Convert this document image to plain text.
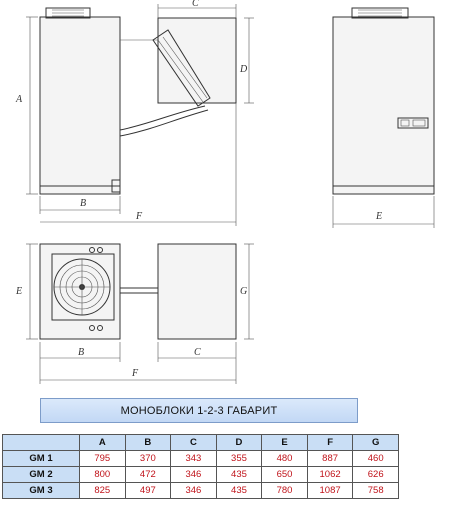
A
C
D
B
F	E
E	G
B	C
F
МОНОБЛОКИ 1-2-3 ГАБАРИТ
	A	B	C	D	E	F	G
GM 1	795	370	343	355	480	887	460
GM 2	800	472	346	435	650	1062	626
GM 3	825	497	346	435	780	1087	758
